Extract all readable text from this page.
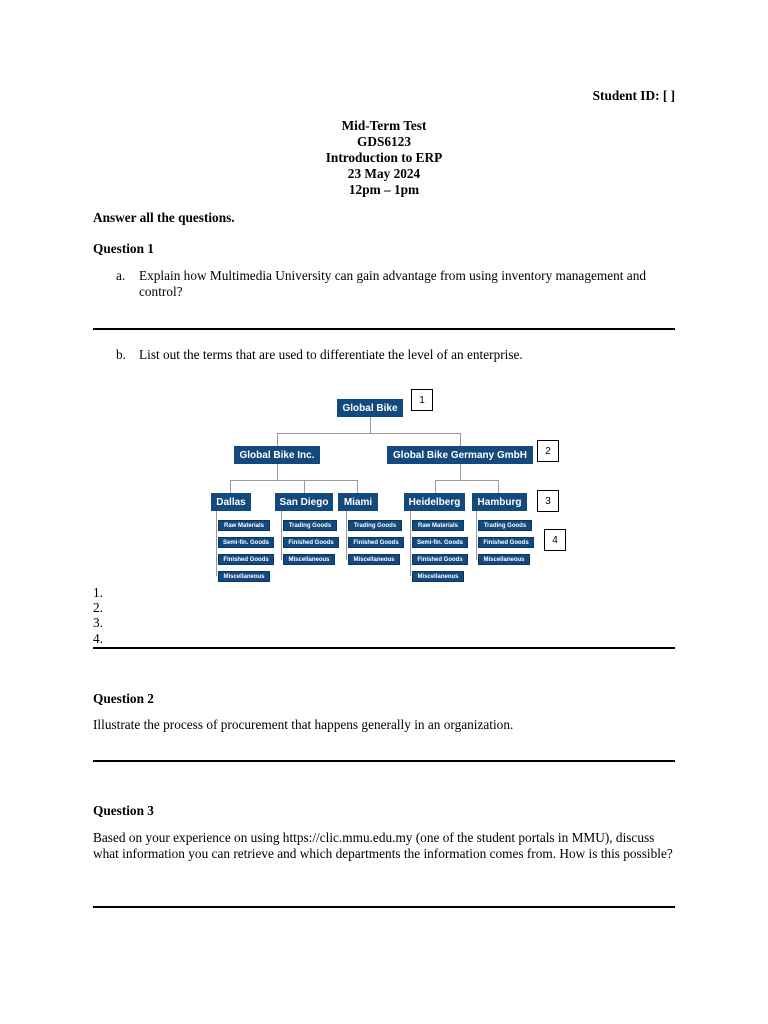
Student ID: [ ]
Mid-Term Test
GDS6123
Introduction to ERP
23 May 2024
12pm – 1pm
Answer all the questions.
Question 1
a. Explain how Multimedia University can gain advantage from using inventory management and control?
b. List out the terms that are used to differentiate the level of an enterprise.
Global Bike
Global Bike Inc.	Global Bike Germany GmbH
Dallas	San Diego	Miami	Heidelberg	Hamburg
Raw Materials
Semi-fin. Goods
Finished Goods
Miscellaneous
Trading Goods
Finished Goods
Miscellaneous
Trading Goods
Finished Goods
Miscellaneous
Raw Materials
Semi-fin. Goods
Finished Goods
Miscellaneous
Trading Goods
Finished Goods
Miscellaneous
1
2
3
4
1.
2.
3.
4.
Question 2
Illustrate the process of procurement that happens generally in an organization.
Question 3
Based on your experience on using https://clic.mmu.edu.my (one of the student portals in MMU), discuss what information you can retrieve and which departments the information comes from. How is this possible?
